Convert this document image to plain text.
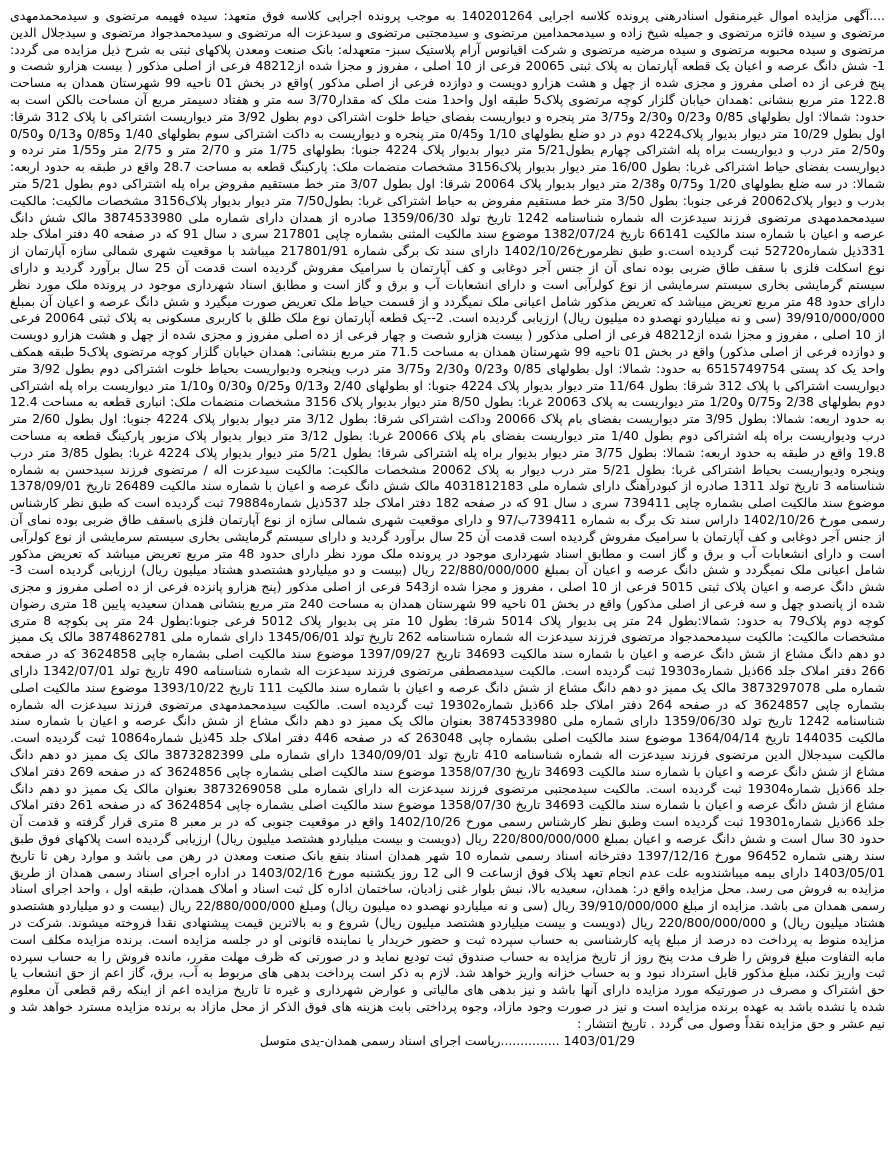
....آگهی مزایده اموال غیرمنقول اسنادرهنی پرونده کلاسه اجرایی 140201264 به موجب پرونده اجرایی کلاسه فوق متعهد: سیده فهیمه مرتضوی و سیدمحمدمهدی مرتضوی و سیده فائزه مرتضوی و جمیله شیخ زاده و سیدمحمدامین مرتضوی و سیدمجتبی مرتضوی و سیدعزت اله مرتضوی و سیدمحمدجواد مرتضوی و سیدجلال الدین مرتضوی و سیده محبوبه مرتضوی و سیده مرضیه مرتضوی و شرکت اقیانوس آرام پلاستیک سبز- متعهدله: بانک صنعت ومعدن پلاکهای ثبتی به شرح ذیل مزایده می گردد: 1- شش دانگ عرصه و اعیان یک قطعه آپارتمان به پلاک ثبتی 20065 فرعی از 10 اصلی ، مفروز و مجزا شده از48212 فرعی از اصلی مذکور ( بیست هزارو شصت و پنج فرعی از ده اصلی مفروز و مجزی شده از چهل و هشت هزارو دویست و دوازده فرعی از اصلی مذکور )واقع در بخش 01 ناحیه 99 شهرستان همدان به مساحت 122.8 متر مربع بنشانی :همدان خیابان گلزار کوچه مرتضوی پلاک5 طبقه اول واحد1 منت ملک که مقدار3/70 سه متر و هفتاد دسیمتر مربع آن مساحت بالکن است به حدود: شمالا: اول بطولهای 0/85 و0/23 و2/30 و3/75 متر پنجره و دیواریست بفضای حیاط خلوت اشتراکی دوم بطول 3/92 متر دیواریست اشتراکی با پلاک 312 شرقا: اول بطول 10/29 متر دیوار بدیوار پلاک4224 دوم در دو ضلع بطولهای 1/10 و0/45 متر پنجره و دیواریست به داکت اشتراکی سوم بطولهای 1/40 و0/85 و0/13 و0/50 و2/50 متر درب و دیواریست براه پله اشتراکی چهارم بطول5/21 متر دیوار بدیوار پلاک 4224 جنوبا: بطولهای 1/75 متر و 2/70 متر و 2/75 متر و1/55 متر نرده و دیواریست بفضای حیاط اشتراکی غربا: بطول 16/00 متر دیوار بدیوار پلاک3156 مشخصات منضمات ملک: پارکینگ قطعه به مساحت 28.7 واقع در طبقه به حدود اربعه: شمالا: در سه ضلع بطولهای 1/20 و0/75 و2/38 متر دیوار بدیوار پلاک 20064 شرقا: اول بطول 3/07 متر خط مستقیم مفروض براه پله اشتراکی دوم بطول 5/21 متر بدرب و دیوار پلاک20062 فرعی جنوبا: بطول 3/50 متر خط مستقیم مفروض به حیاط اشتراکی غربا: بطول7/50 متر دیوار بدیوار پلاک3156 مشخصات مالکیت: مالکیت سیدمحمدمهدی مرتضوی فرزند سیدعزت اله شماره شناسنامه 1242 تاریخ تولد 1359/06/30 صادره از همدان دارای شماره ملی 3874533980 مالک شش دانگ عرصه و اعیان با شماره سند مالکیت 66141 تاریخ 1382/07/24 موضوع سند مالکیت المثنی بشماره چاپی 217801 سری د سال 91 که در صفحه 40 دفتر املاک جلد 331ذیل شماره52720 ثبت گردیده است.و طبق نظرمورخ1402/10/26 دارای سند تک برگی شماره 217801/91 میباشد با موقعیت شهری شمالی سازه آپارتمان از نوع اسکلت فلزی با سقف طاق ضربی بوده نمای آن از جنس آجر دوغابی و کف آپارتمان با سرامیک مفروش گردیده است قدمت آن 25 سال برآورد گردید و دارای سیستم گرمایشی بخاری سیستم سرمایشی از نوع کولرآبی است و دارای انشعابات آب و برق و گاز است و مطابق اسناد شهرداری موجود در پرونده ملک مورد نظر دارای حدود 48 متر مربع تعریض میباشد که تعریض مذکور شامل اعیانی ملک نمیگردد و از قسمت حیاط ملک تعریض صورت میگیرد و شش دانگ عرصه و اعیان آن بمبلغ 39/910/000/000 (سی و نه میلیاردو نهصدو ده میلیون ریال) ارزیابی گردیده است. 2--یک قطعه آپارتمان نوع ملک طلق با کاربری مسکونی به پلاک ثبتی 20064 فرعی از 10 اصلی ، مفروز و مجزا شده از48212 فرعی از اصلی مذکور ( بیست هزارو شصت و چهار فرعی از ده اصلی مفروز و مجزی شده از چهل و هشت هزارو دویست و دوازده فرعی از اصلی مذکور) واقع در بخش 01 ناحیه 99 شهرستان همدان به مساحت 71.5 متر مربع بنشانی: همدان خیابان گلزار کوچه مرتضوی پلاک5 طبقه همکف واحد یک کد پستی 6515749754 به حدود: شمالا: اول بطولهای 0/85 و0/23 و2/30 و3/75 متر درب وپنجره ودیواریست بحیاط خلوت اشتراکی دوم بطول 3/92 متر دیواریست اشتراکی با پلاک 312 شرقا: بطول 11/64 متر دیوار بدیوار پلاک 4224 جنوبا: او بطولهای 2/40 و0/13 و0/25 و0/30 و1/10 متر دیواریست براه پله اشتراکی دوم بطولهای 2/38 و0/75 و1/20 متر دیواریست به پلاک 20063 غربا: بطول 8/50 متر دیوار بدیوار پلاک 3156 مشخصات منضمات ملک: انباری قطعه به مساحت 12.4 به حدود اربعه: شمالا: بطول 3/95 متر دیواریست بفضای بام پلاک 20066 وداکت اشتراکی شرقا: بطول 3/12 متر دیوار بدیوار پلاک 4224 جنوبا: اول بطول 2/60 متر درب ودیواریست براه پله اشتراکی دوم بطول 1/40 متر دیواریست بفضای بام پلاک 20066 غربا: بطول 3/12 متر دیوار بدیوار پلاک مزبور پارکینگ قطعه به مساحت 19.8 واقع در طبقه به حدود اربعه: شمالا: بطول 3/75 متر دیوار بدیوار براه پله اشتراکی شرقا: بطول 5/21 متر دیوار بدیوار پلاک 4224 غربا: بطول 3/85 متر درب وپنجره ودیواریست بحیاط اشتراکی غربا: بطول 5/21 متر درب دیوار به پلاک 20062 مشخصات مالکیت: مالکیت سیدعزت اله / مرتضوی فرزند سیدحسن به شماره شناسنامه 3 تاریخ تولد 1311 صادره از کبودرآهنگ دارای شماره ملی 4031812183 مالک شش دانگ عرصه و اعیان با شماره سند مالکیت 26489 تاریخ 1378/09/01 موضوع سند مالکیت اصلی بشماره چاپی 739411 سری د سال 91 که در صفحه 182 دفتر املاک جلد 537ذیل شماره79884 ثبت گردیده است که طبق نظر کارشناس رسمی مورخ 1402/10/26 داراس سند تک برگ به شماره 739411ب/97 و دارای موقعیت شهری شمالی سازه از نوع آپارتمان فلزی باسقف طاق ضربی بوده نمای آن از جنس آجر دوغابی و کف آپارتمان با سرامیک مفروش گردیده است قدمت آن 25 سال برآورد گردید و دارای سیستم گرمایشی بخاری سیستم سرمایشی از نوع کولرآبی است و دارای انشعابات آب و برق و گاز است و مطابق اسناد شهرداری موجود در پرونده ملک مورد نظر دارای حدود 48 متر مربع تعریض میباشد که تعریض مذکور شامل اعیانی ملک نمیگردد و شش دانگ عرصه و اعیان آن بمبلغ 22/880/000/000 ریال (بیست و دو میلیاردو هشتصدو هشتاد میلیون ریال) ارزیابی گردیده است 3- شش دانگ عرصه و اعیان پلاک ثبتی 5015 فرعی از 10 اصلی ، مفروز و مجزا شده از543 فرعی از اصلی مذکور (پنج هزارو پانزده فرعی از ده اصلی مفروز و مجزی شده از پانصدو چهل و سه فرعی از اصلی مذکور) واقع در بخش 01 ناحیه 99 شهرستان همدان به مساحت 240 متر مربع بنشانی همدان سعیدیه پایین 18 متری رضوان کوچه دوم پلاک79 به حدود: شمالا:بطول 24 متر پی بدیوار پلاک 5014 شرقا: بطول 10 متر پی بدیوار پلاک 5012 فرعی جنوبا:بطول 24 متر پی بکوچه 8 متری مشخصات مالکیت: مالکیت سیدمحمدجواد مرتضوی فرزند سیدعزت اله شماره شناسنامه 262 تاریخ تولد 1345/06/01 دارای شماره ملی 3874862781 مالک یک ممیز دو دهم دانگ مشاع از شش دانگ عرصه و اعیان با شماره سند مالکیت 34693 تاریخ 1397/09/27 موضوع سند مالکیت اصلی بشماره چاپی 3624858 که در صفحه 266 دفتر املاک جلد 66ذیل شماره19303 ثبت گردیده است. مالکیت سیدمصطفی مرتضوی فرزند سیدعزت اله شماره شناسنامه 490 تاریخ تولد 1342/07/01 دارای شماره ملی 3873297078 مالک یک ممیز دو دهم دانگ مشاع از شش دانگ عرصه و اعیان با شماره سند مالکیت 111 تاریخ 1393/10/22 موضوع سند مالکیت اصلی بشماره چاپی 3624857 که در صفحه 264 دفتر املاک جلد 66ذیل شماره19302 ثبت گردیده است. مالکیت سیدمحمدمهدی مرتضوی فرزند سیدعزت اله شماره شناسنامه 1242 تاریخ تولد 1359/06/30 دارای شماره ملی 3874533980 بعنوان مالک یک ممیز دو دهم دانگ مشاع از شش دانگ عرصه و اعیان با شماره سند مالکیت 144035 تاریخ 1364/04/14 موضوع سند مالکیت اصلی بشماره چاپی 263048 که در صفحه 446 دفتر املاک جلد 45ذیل شماره10864 ثبت گردیده است. مالکیت سیدجلال الدین مرتضوی فرزند سیدعزت اله شماره شناسنامه 410 تاریخ تولد 1340/09/01 دارای شماره ملی 3873282399 مالک یک ممیز دو دهم دانگ مشاع از شش دانگ عرصه و اعیان با شماره سند مالکیت 34693 تاریخ 1358/07/30 موضوع سند مالکیت اصلی بشماره چاپی 3624856 که در صفحه 269 دفتر املاک جلد 66ذیل شماره19304 ثبت گردیده است. مالکیت سیدمجتبی مرتضوی فرزند سیدعزت اله دارای شماره ملی 3873269058 بعنوان مالک یک ممیز دو دهم دانگ مشاع از شش دانگ عرصه و اعیان با شماره سند مالکیت 34693 تاریخ 1358/07/30 موضوع سند مالکیت اصلی بشماره چاپی 3624854 که در صفحه 261 دفتر املاک جلد 66ذیل شماره19301 ثبت گردیده است وطبق نظر کارشناس رسمی مورخ 1402/10/26 واقع در موقعیت جنوبی که در بر معبر 8 متری قرار گرفته و قدمت آن حدود 30 سال است و شش دانگ عرصه و اعیان بمبلغ 220/800/000/000 ریال (دویست و بیست میلیاردو هشتصد میلیون ریال) ارزیابی گردیده است پلاکهای فوق طبق سند رهنی شماره 96452 مورخ 1397/12/16 دفترخانه اسناد رسمی شماره 10 شهر همدان اسناد بنفع بانک صنعت ومعدن در رهن می باشد و موارد رهن تا تاریخ 1403/05/01 دارای بیمه میباشندوبه علت عدم انجام تعهد پلاک فوق ازساعت 9 الی 12 روز یکشنبه مورخ 1403/02/16 در اداره اجرای اسناد رسمی همدان از طریق مزایده به فروش می رسد. محل مزایده واقع در: همدان، سعیدیه بالا، نبش بلوار غنی زادیان، ساختمان اداره کل ثبت اسناد و املاک همدان، طبقه اول ، واحد اجرای اسناد رسمی همدان می باشد. مزایده از مبلغ 39/910/000/000 ریال (سی و نه میلیاردو نهصدو ده میلیون ریال) ومبلغ 22/880/000/000 ریال (بیست و دو میلیاردو هشتصدو هشتاد میلیون ریال) و 220/800/000/000 ریال (دویست و بیست میلیاردو هشتصد میلیون ریال) شروع و به بالاترین قیمت پیشنهادی نقدا فروخته میشوند. شرکت در مزایده منوط به پرداخت ده درصد از مبلغ پایه کارشناسی به حساب سپرده ثبت و حضور خریدار یا نماینده قانونی او در جلسه مزایده است. برنده مزایده مکلف است مابه التفاوت مبلغ فروش را ظرف مدت پنج روز از تاریخ مزایده به حساب صندوق ثبت تودیع نماید و در صورتی که ظرف مهلت مقرر، مانده فروش را به حساب سپرده ثبت واریز نکند، مبلغ مذکور قابل استرداد نبود و به حساب خزانه واریز خواهد شد. لازم به ذکر است پرداخت بدهی های مربوط به آب، برق، گاز اعم از حق انشعاب یا حق اشتراک و مصرف در صورتیکه مورد مزایده دارای آنها باشد و نیز بدهی های مالیاتی و عوارض شهرداری و غیره تا تاریخ مزایده اعم از اینکه رقم قطعی آن معلوم شده یا نشده باشد به عهده برنده مزایده است و نیز در صورت وجود مازاد، وجوه پرداختی بابت هزینه های فوق الذکر از محل مازاد به برنده مزایده مسترد خواهد شد و نیم عشر و حق مزایده نقداً وصول می گردد . تاریخ انتشار :

1403/01/29 ...............ریاست اجرای اسناد رسمی همدان-یدی متوسل
